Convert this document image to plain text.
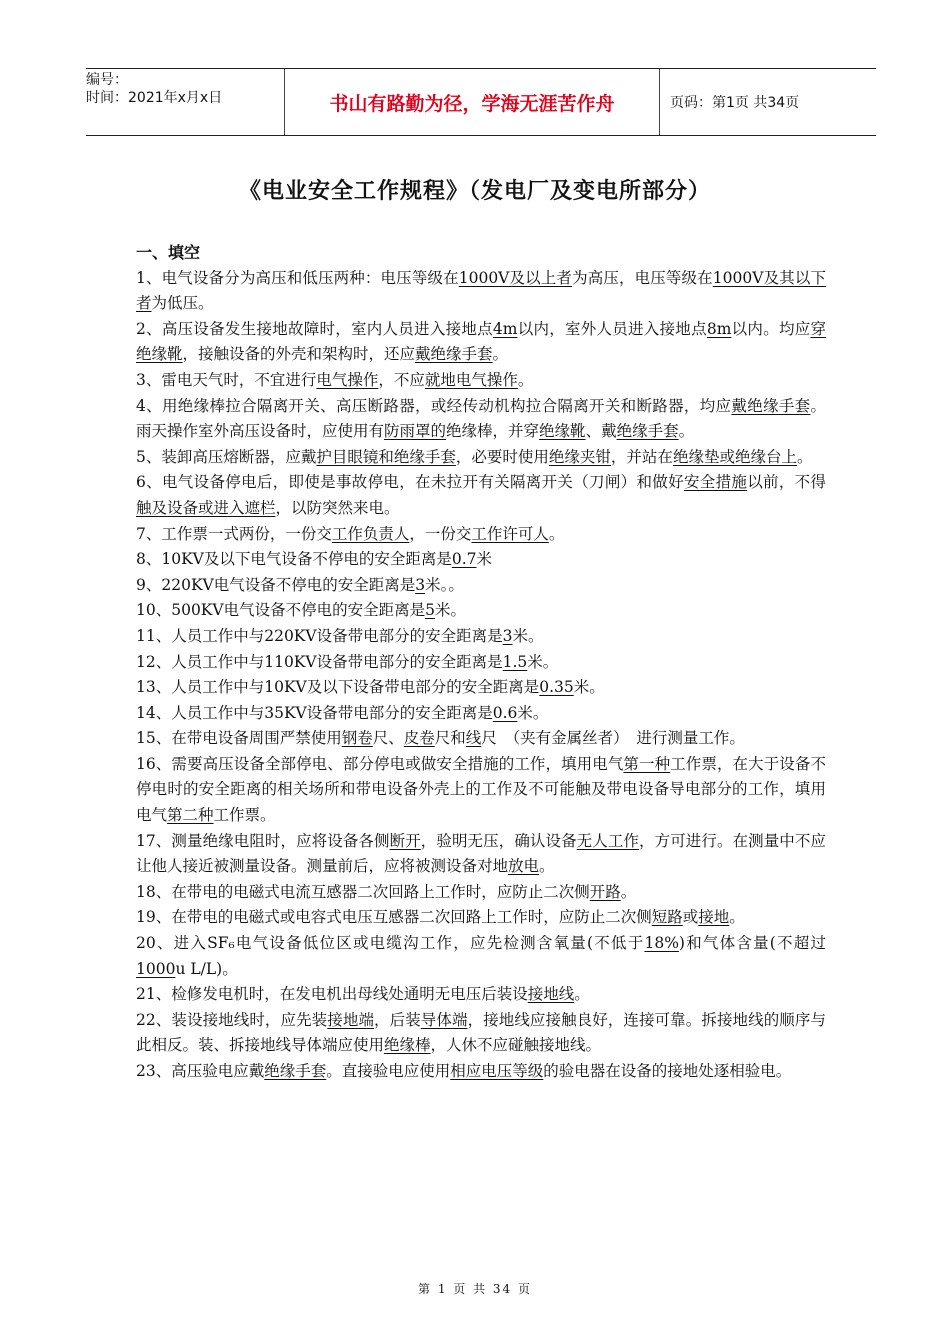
编号：
时间：2021年x月x日	书山有路勤为径，学海无涯苦作舟	页码：第1页 共34页
《电业安全工作规程》（发电厂及变电所部分）
一、填空
1、电气设备分为高压和低压两种：电压等级在1000V及以上者为高压，电压等级在1000V及其以下者为低压。
2、高压设备发生接地故障时，室内人员进入接地点4m以内，室外人员进入接地点8m以内。均应穿绝缘靴，接触设备的外壳和架构时，还应戴绝缘手套。
3、雷电天气时，不宜进行电气操作，不应就地电气操作。
4、用绝缘棒拉合隔离开关、高压断路器，或经传动机构拉合隔离开关和断路器，均应戴绝缘手套。雨天操作室外高压设备时，应使用有防雨罩的绝缘棒，并穿绝缘靴、戴绝缘手套。
5、装卸高压熔断器，应戴护目眼镜和绝缘手套，必要时使用绝缘夹钳，并站在绝缘垫或绝缘台上。
6、电气设备停电后，即使是事故停电，在未拉开有关隔离开关（刀闸）和做好安全措施以前，不得触及设备或进入遮栏，以防突然来电。
7、工作票一式两份，一份交工作负责人，一份交工作许可人。
8、10KV及以下电气设备不停电的安全距离是0.7米
9、220KV电气设备不停电的安全距离是3米。。
10、500KV电气设备不停电的安全距离是5米。
11、人员工作中与220KV设备带电部分的安全距离是3米。
12、人员工作中与110KV设备带电部分的安全距离是1.5米。
13、人员工作中与10KV及以下设备带电部分的安全距离是0.35米。
14、人员工作中与35KV设备带电部分的安全距离是0.6米。
15、在带电设备周围严禁使用钢卷尺、皮卷尺和线尺　（夹有金属丝者）　进行测量工作。
16、需要高压设备全部停电、部分停电或做安全措施的工作，填用电气第一种工作票，在大于设备不停电时的安全距离的相关场所和带电设备外壳上的工作及不可能触及带电设备导电部分的工作，填用电气第二种工作票。
17、测量绝缘电阻时，应将设备各侧断开，验明无压，确认设备无人工作，方可进行。在测量中不应让他人接近被测量设备。测量前后，应将被测设备对地放电。
18、在带电的电磁式电流互感器二次回路上工作时，应防止二次侧开路。
19、在带电的电磁式或电容式电压互感器二次回路上工作时，应防止二次侧短路或接地。
20、进入SF₆电气设备低位区或电缆沟工作，应先检测含氧量(不低于18%)和气体含量(不超过1000u L/L)。
21、检修发电机时，在发电机出母线处通明无电压后装设接地线。
22、装设接地线时，应先装接地端，后装导体端，接地线应接触良好，连接可靠。拆接地线的顺序与此相反。装、拆接地线导体端应使用绝缘棒，人休不应碰触接地线。
23、高压验电应戴绝缘手套。直接验电应使用相应电压等级的验电器在设备的接地处逐相验电。
第 1 页 共 34 页
